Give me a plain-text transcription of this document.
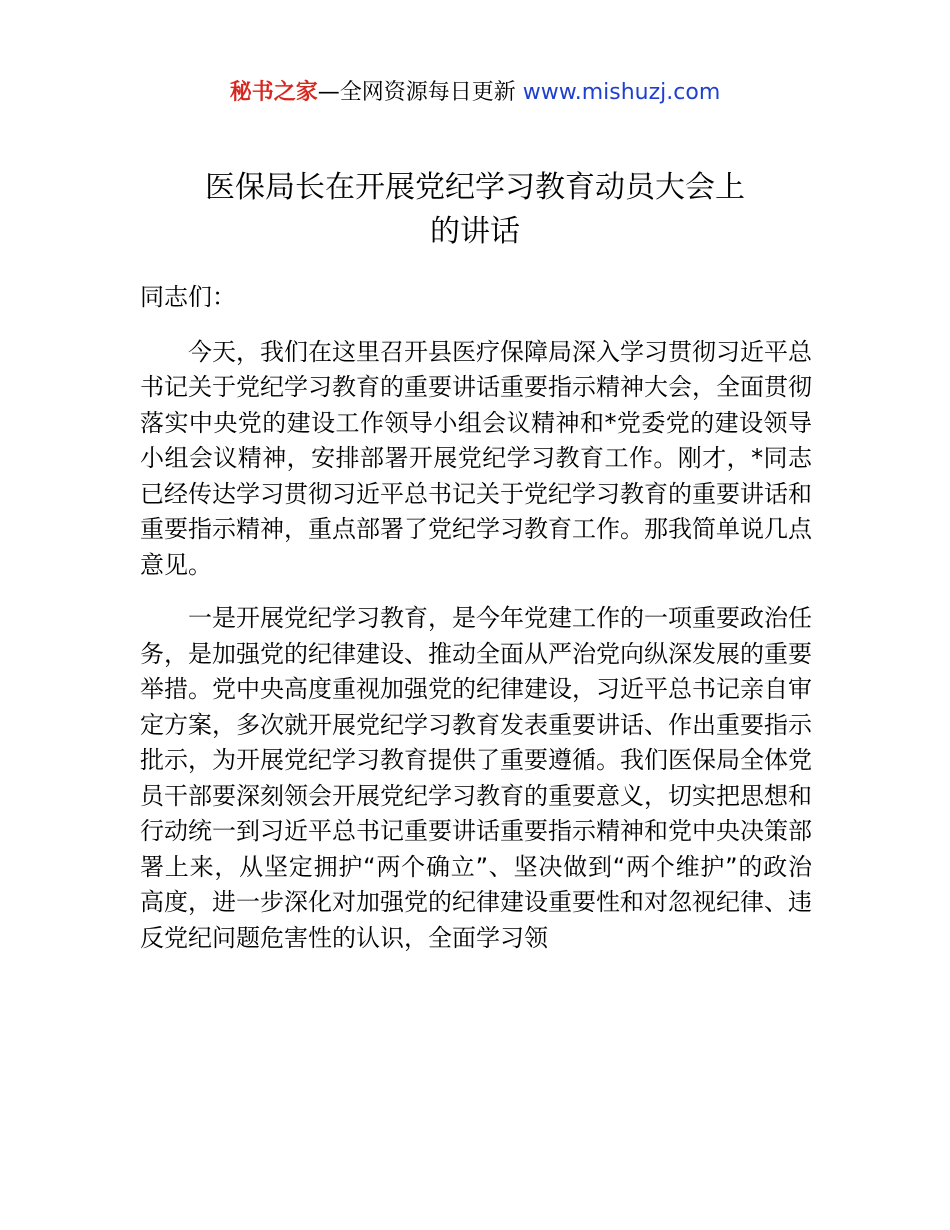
秘书之家—全网资源每日更新 www.mishuzj.com
医保局长在开展党纪学习教育动员大会上
的讲话

同志们：

今天，我们在这里召开县医疗保障局深入学习贯彻习近平总书记关于党纪学习教育的重要讲话重要指示精神大会，全面贯彻落实中央党的建设工作领导小组会议精神和*党委党的建设领导小组会议精神，安排部署开展党纪学习教育工作。刚才，*同志已经传达学习贯彻习近平总书记关于党纪学习教育的重要讲话和重要指示精神，重点部署了党纪学习教育工作。那我简单说几点意见。

一是开展党纪学习教育，是今年党建工作的一项重要政治任务，是加强党的纪律建设、推动全面从严治党向纵深发展的重要举措。党中央高度重视加强党的纪律建设，习近平总书记亲自审定方案，多次就开展党纪学习教育发表重要讲话、作出重要指示批示，为开展党纪学习教育提供了重要遵循。我们医保局全体党员干部要深刻领会开展党纪学习教育的重要意义，切实把思想和行动统一到习近平总书记重要讲话重要指示精神和党中央决策部署上来，从坚定拥护“两个确立”、坚决做到“两个维护”的政治高度，进一步深化对加强党的纪律建设重要性和对忽视纪律、违反党纪问题危害性的认识，全面学习领
